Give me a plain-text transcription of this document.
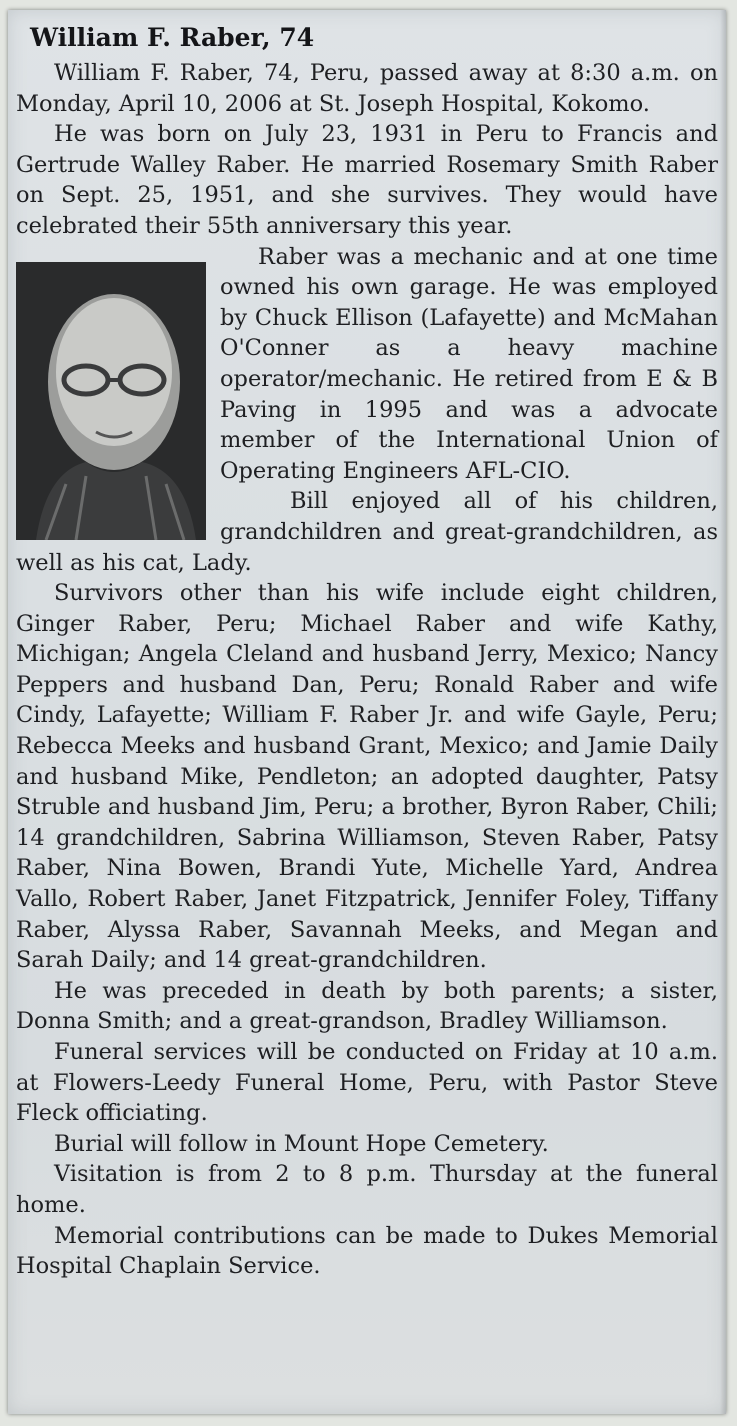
William F. Raber, 74

William F. Raber, 74, Peru, passed away at 8:30 a.m. on Monday, April 10, 2006 at St. Joseph Hospital, Kokomo.

He was born on July 23, 1931 in Peru to Francis and Gertrude Walley Raber. He married Rosemary Smith Raber on Sept. 25, 1951, and she survives. They would have celebrated their 55th anniversary this year.

Raber was a mechanic and at one time owned his own garage. He was employed by Chuck Ellison (Lafayette) and McMahan O'Conner as a heavy machine operator/mechanic. He retired from E & B Paving in 1995 and was a advocate member of the International Union of Operating Engineers AFL-CIO.

Bill enjoyed all of his children, grandchildren and great-grandchildren, as well as his cat, Lady.

Survivors other than his wife include eight children, Ginger Raber, Peru; Michael Raber and wife Kathy, Michigan; Angela Cleland and husband Jerry, Mexico; Nancy Peppers and husband Dan, Peru; Ronald Raber and wife Cindy, Lafayette; William F. Raber Jr. and wife Gayle, Peru; Rebecca Meeks and husband Grant, Mexico; and Jamie Daily and husband Mike, Pendleton; an adopted daughter, Patsy Struble and husband Jim, Peru; a brother, Byron Raber, Chili; 14 grandchildren, Sabrina Williamson, Steven Raber, Patsy Raber, Nina Bowen, Brandi Yute, Michelle Yard, Andrea Vallo, Robert Raber, Janet Fitzpatrick, Jennifer Foley, Tiffany Raber, Alyssa Raber, Savannah Meeks, and Megan and Sarah Daily; and 14 great-grandchildren.

He was preceded in death by both parents; a sister, Donna Smith; and a great-grandson, Bradley Williamson.

Funeral services will be conducted on Friday at 10 a.m. at Flowers-Leedy Funeral Home, Peru, with Pastor Steve Fleck officiating.

Burial will follow in Mount Hope Cemetery.

Visitation is from 2 to 8 p.m. Thursday at the funeral home.

Memorial contributions can be made to Dukes Memorial Hospital Chaplain Service.
